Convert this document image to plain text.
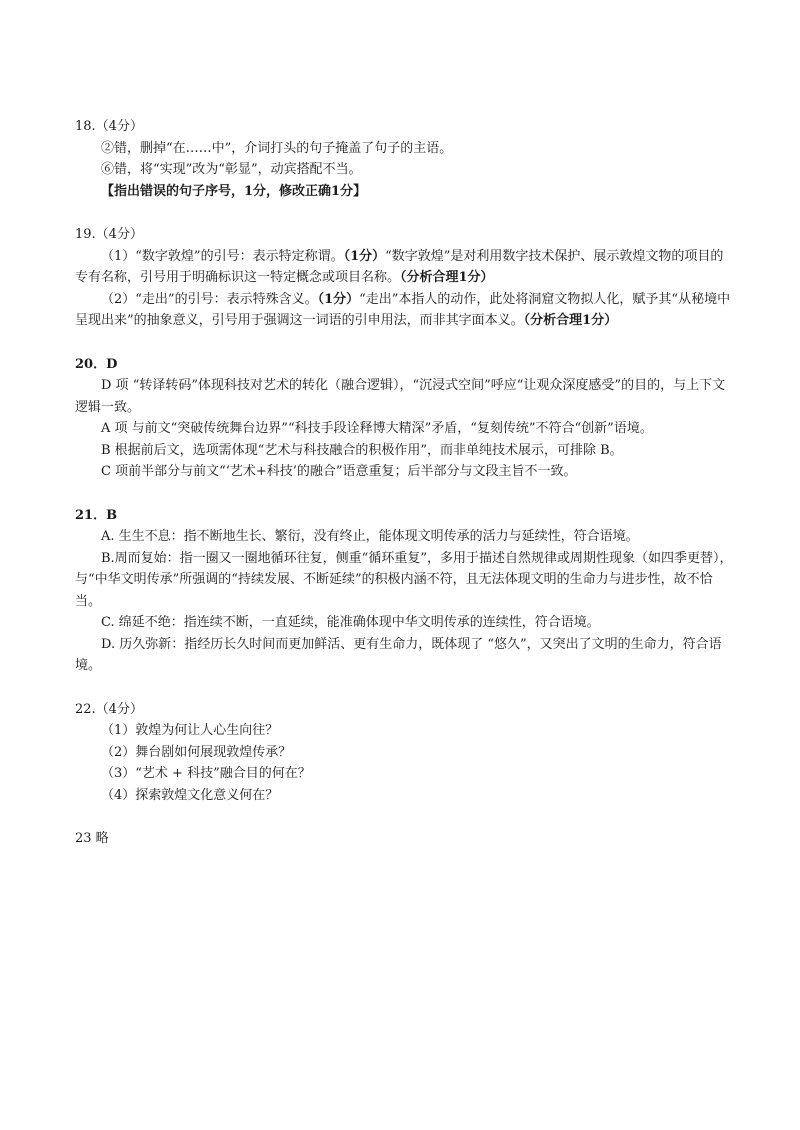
18.（4分）

②错，删掉“在……中”，介词打头的句子掩盖了句子的主语。

⑥错，将“实现”改为“彰显”，动宾搭配不当。

【指出错误的句子序号，1分，修改正确1分】

19.（4分）

（1）“数字敦煌”的引号：表示特定称谓。（1分）“数字敦煌”是对利用数字技术保护、展示敦煌文物的项目的专有名称，引号用于明确标识这一特定概念或项目名称。（分析合理1分）

（2）“走出”的引号：表示特殊含义。（1分）“走出”本指人的动作，此处将洞窟文物拟人化，赋予其“从秘境中呈现出来”的抽象意义，引号用于强调这一词语的引申用法，而非其字面本义。（分析合理1分）

20．D

D 项 “转译转码”体现科技对艺术的转化（融合逻辑），“沉浸式空间”呼应“让观众深度感受”的目的，与上下文逻辑一致。

A 项 与前文“突破传统舞台边界”“科技手段诠释博大精深”矛盾，“复刻传统”不符合“创新”语境。

B 根据前后文，选项需体现“艺术与科技融合的积极作用”，而非单纯技术展示，可排除 B。

C 项前半部分与前文“‘艺术+科技’的融合”语意重复；后半部分与文段主旨不一致。

21．B

A. 生生不息：指不断地生长、繁衍，没有终止，能体现文明传承的活力与延续性，符合语境。

B.周而复始：指一圈又一圈地循环往复，侧重“循环重复”，多用于描述自然规律或周期性现象（如四季更替），与“中华文明传承”所强调的“持续发展、不断延续”的积极内涵不符，且无法体现文明的生命力与进步性，故不恰当。

C. 绵延不绝：指连续不断，一直延续，能准确体现中华文明传承的连续性，符合语境。

D. 历久弥新：指经历长久时间而更加鲜活、更有生命力，既体现了 “悠久”，又突出了文明的生命力，符合语境。

22.（4分）

（1）敦煌为何让人心生向往？

（2）舞台剧如何展现敦煌传承？

（3）“艺术 + 科技”融合目的何在？

（4）探索敦煌文化意义何在？

23 略
